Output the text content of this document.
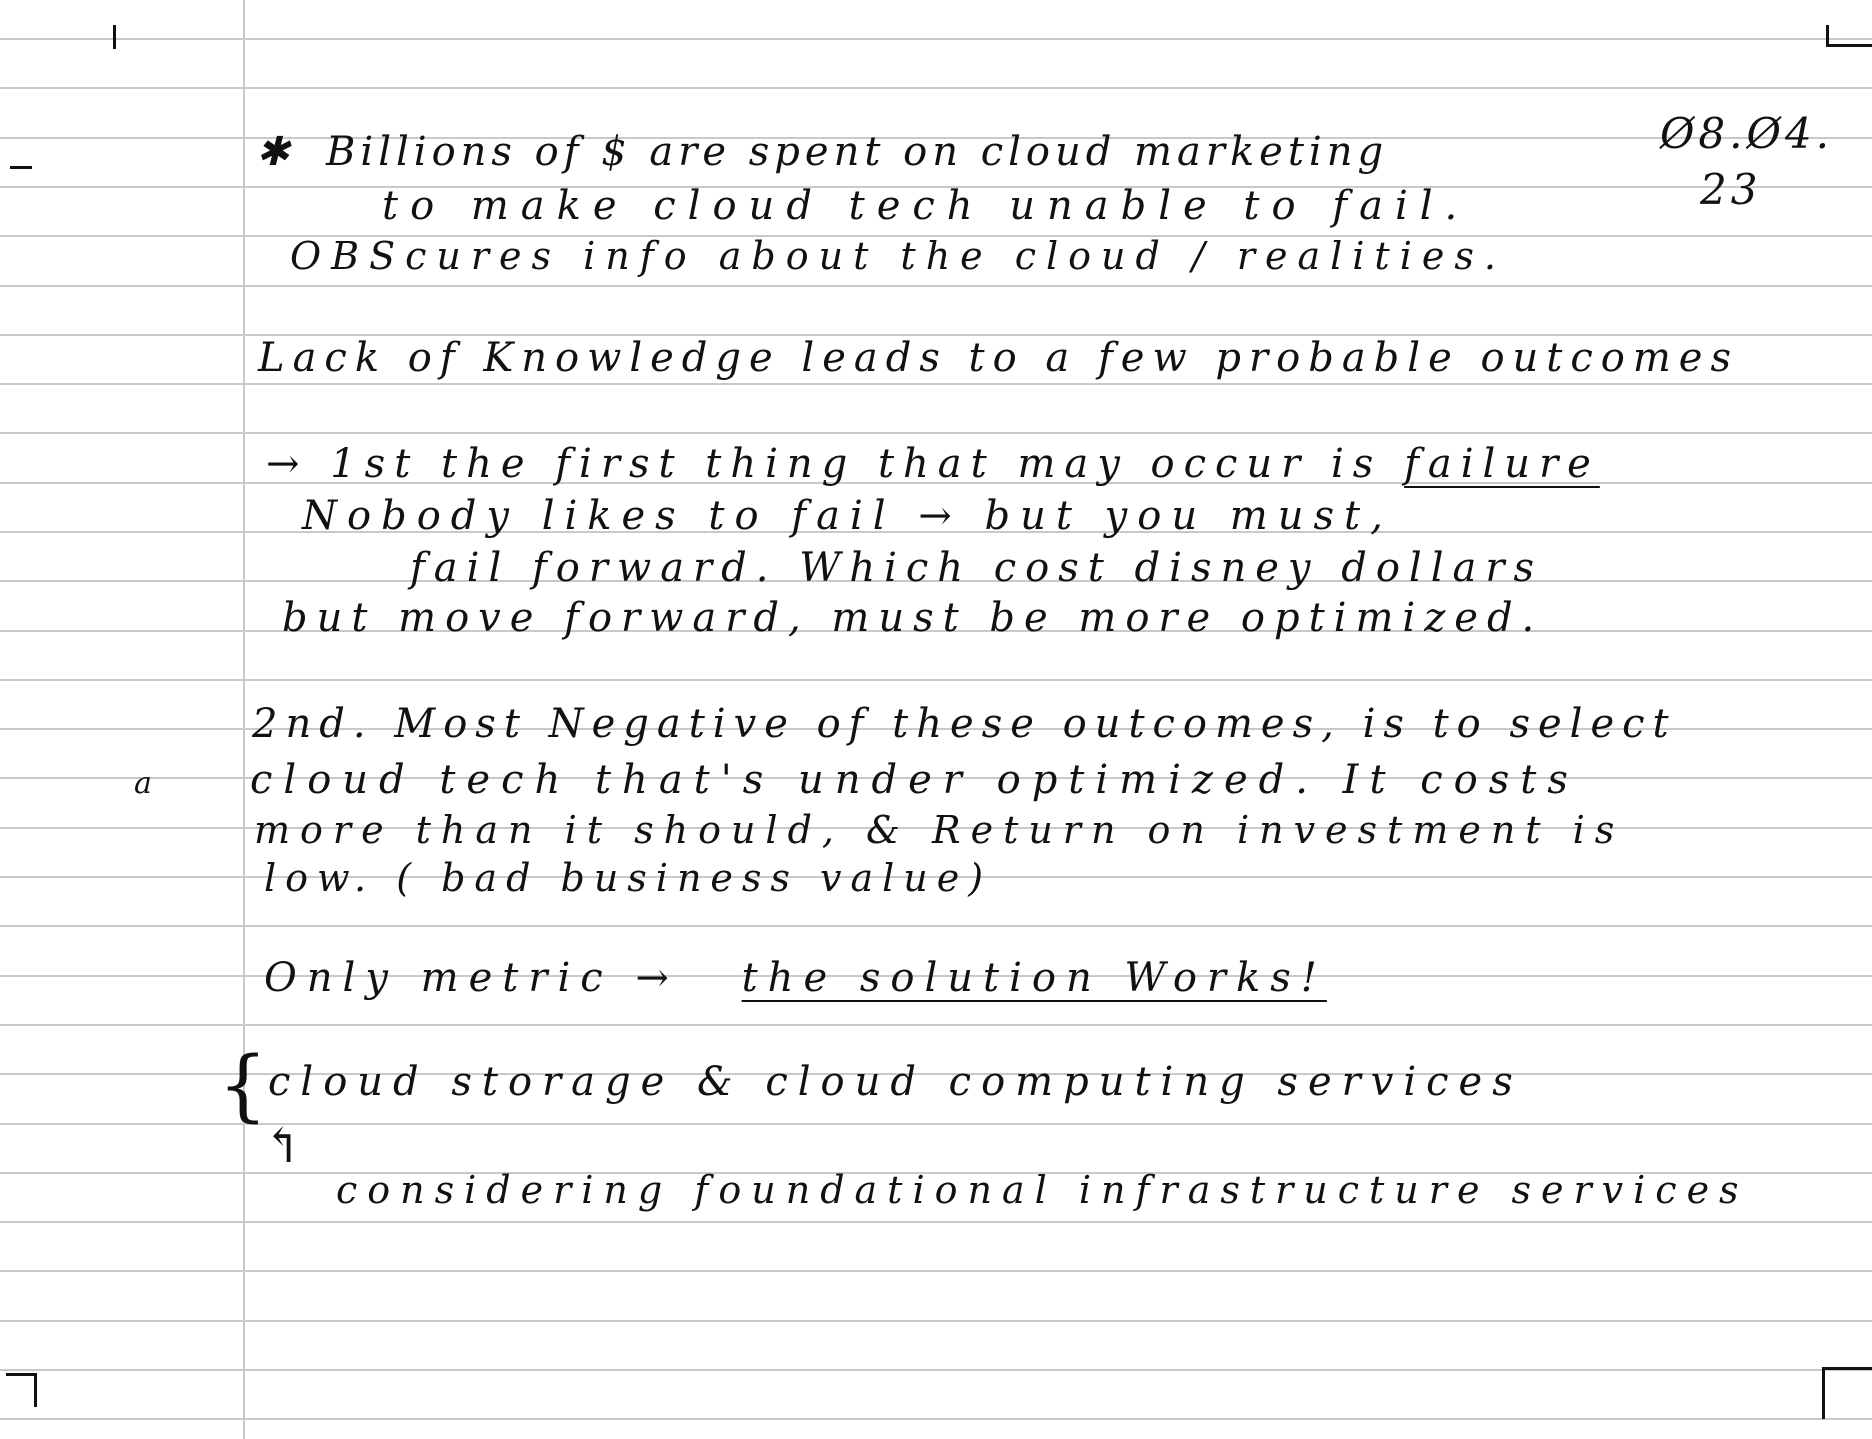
Ø8.Ø4.
23
✱ Billions of $ are spent on cloud marketing
to make cloud tech unable to fail.
OBScures info about the cloud / realities.
Lack of Knowledge leads to a few probable outcomes
→ 1st the first thing that may occur is failure
Nobody likes to fail → but you must,
fail forward. Which cost disney dollars
but move forward, must be more optimized.
a
2nd. Most Negative of these outcomes, is to select
cloud tech that's under optimized. It costs
more than it should, & Return on investment is
low. ( bad business value)
Only metric → the solution Works!
{ cloud storage & cloud computing services
↰
considering foundational infrastructure services
